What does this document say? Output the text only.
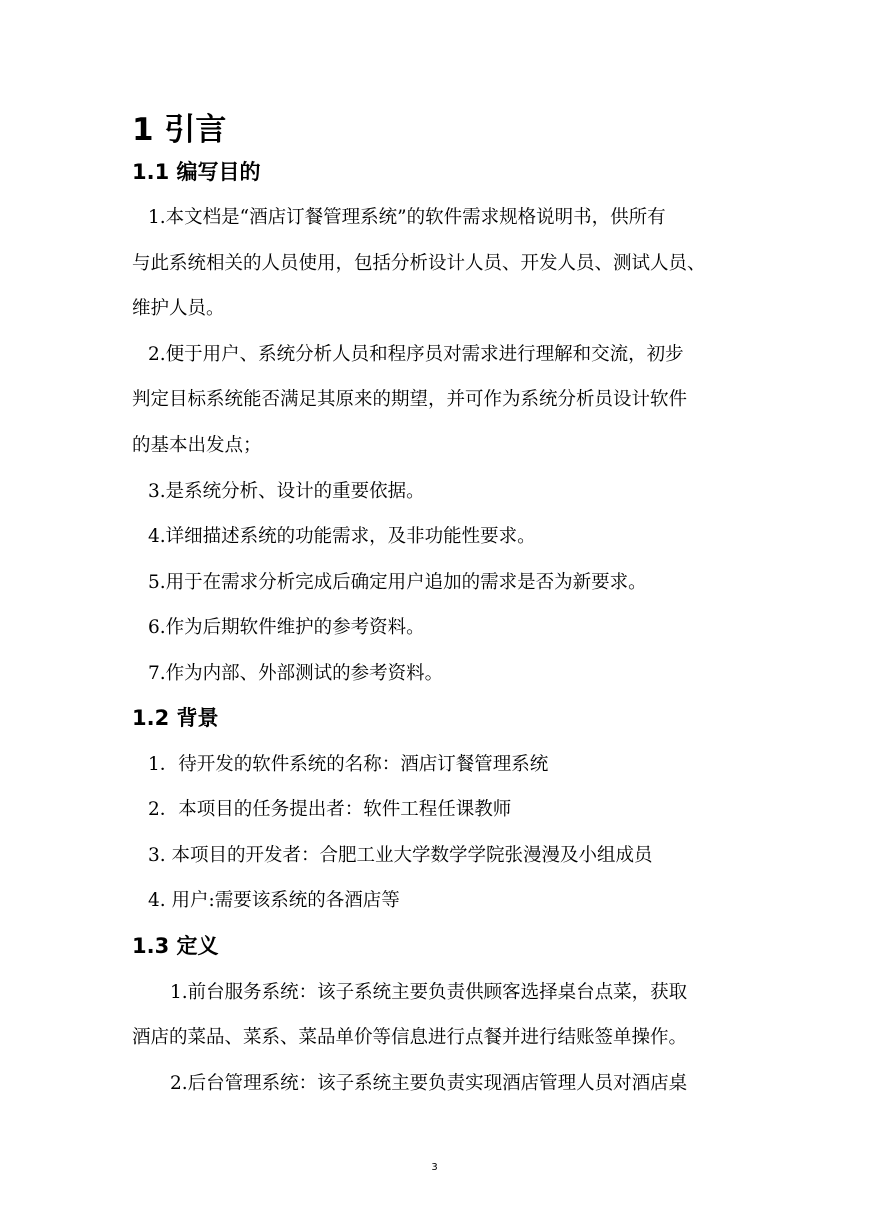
1 引言
1.1 编写目的

1.本文档是“酒店订餐管理系统”的软件需求规格说明书，供所有

与此系统相关的人员使用，包括分析设计人员、开发人员、测试人员、

维护人员。

2.便于用户、系统分析人员和程序员对需求进行理解和交流，初步

判定目标系统能否满足其原来的期望，并可作为系统分析员设计软件

的基本出发点；

3.是系统分析、设计的重要依据。

4.详细描述系统的功能需求，及非功能性要求。

5.用于在需求分析完成后确定用户追加的需求是否为新要求。

6.作为后期软件维护的参考资料。

7.作为内部、外部测试的参考资料。

1.2 背景

1．待开发的软件系统的名称：酒店订餐管理系统

2．本项目的任务提出者：软件工程任课教师

3. 本项目的开发者：合肥工业大学数学学院张漫漫及小组成员

4. 用户:需要该系统的各酒店等

1.3 定义

1.前台服务系统：该子系统主要负责供顾客选择桌台点菜，获取

酒店的菜品、菜系、菜品单价等信息进行点餐并进行结账签单操作。

2.后台管理系统：该子系统主要负责实现酒店管理人员对酒店桌

3
